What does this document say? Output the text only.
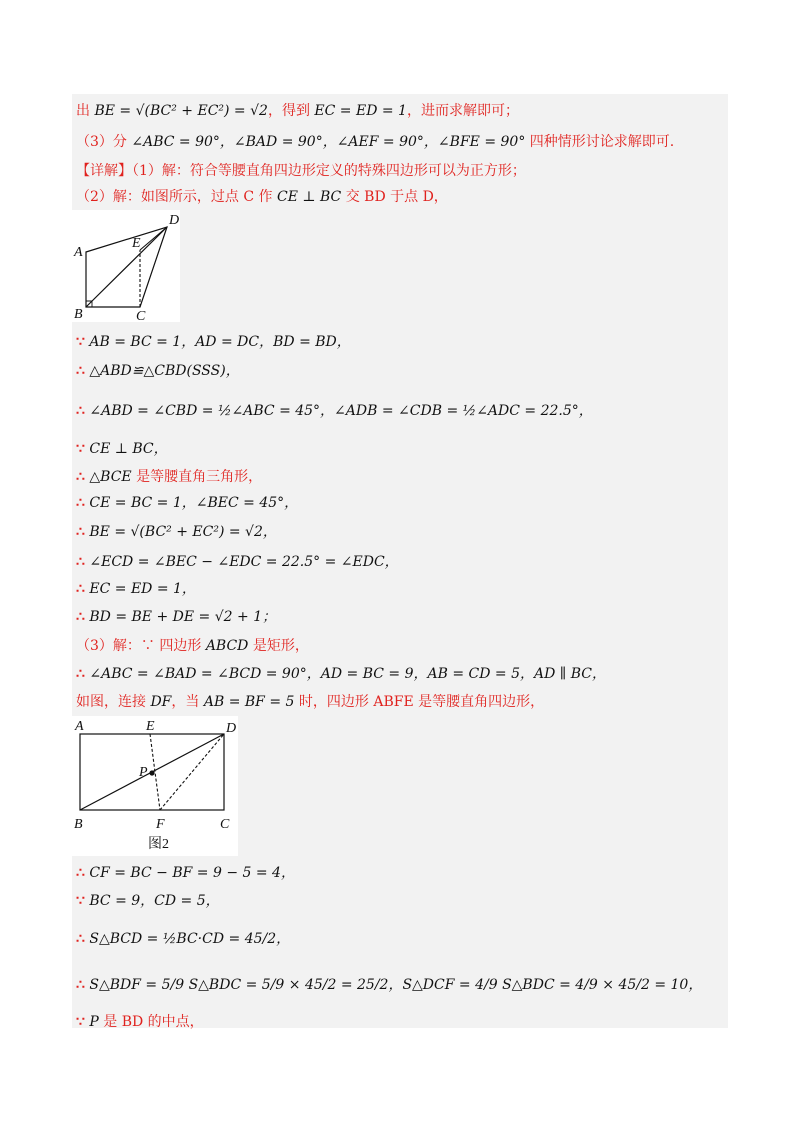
出 BE = √(BC² + EC²) = √2，得到 EC = ED = 1，进而求解即可；
（3）分 ∠ABC = 90°，∠BAD = 90°，∠AEF = 90°，∠BFE = 90° 四种情形讨论求解即可.
【详解】（1）解：符合等腰直角四边形定义的特殊四边形可以为正方形；
（2）解：如图所示，过点 C 作 CE ⊥ BC 交 BD 于点 D，
A
B	C
D
E
∵ AB = BC = 1，AD = DC，BD = BD，
∴ △ABD≌△CBD(SSS)，
∴ ∠ABD = ∠CBD = ½∠ABC = 45°，∠ADB = ∠CDB = ½∠ADC = 22.5°，
∵ CE ⊥ BC，
∴ △BCE 是等腰直角三角形，
∴ CE = BC = 1，∠BEC = 45°，
∴ BE = √(BC² + EC²) = √2，
∴ ∠ECD = ∠BEC − ∠EDC = 22.5° = ∠EDC，
∴ EC = ED = 1，
∴ BD = BE + DE = √2 + 1；
（3）解：∵ 四边形 ABCD 是矩形，
∴ ∠ABC = ∠BAD = ∠BCD = 90°，AD = BC = 9，AB = CD = 5，AD ∥ BC，
如图，连接 DF，当 AB = BF = 5 时，四边形 ABFE 是等腰直角四边形，
A
B	C
D
E
F
P
图2
∴ CF = BC − BF = 9 − 5 = 4，
∵ BC = 9，CD = 5，
∴ S△BCD = ½BC·CD = 45/2，
∴ S△BDF = 5/9 S△BDC = 5/9 × 45/2 = 25/2，S△DCF = 4/9 S△BDC = 4/9 × 45/2 = 10，
∵ P 是 BD 的中点，
